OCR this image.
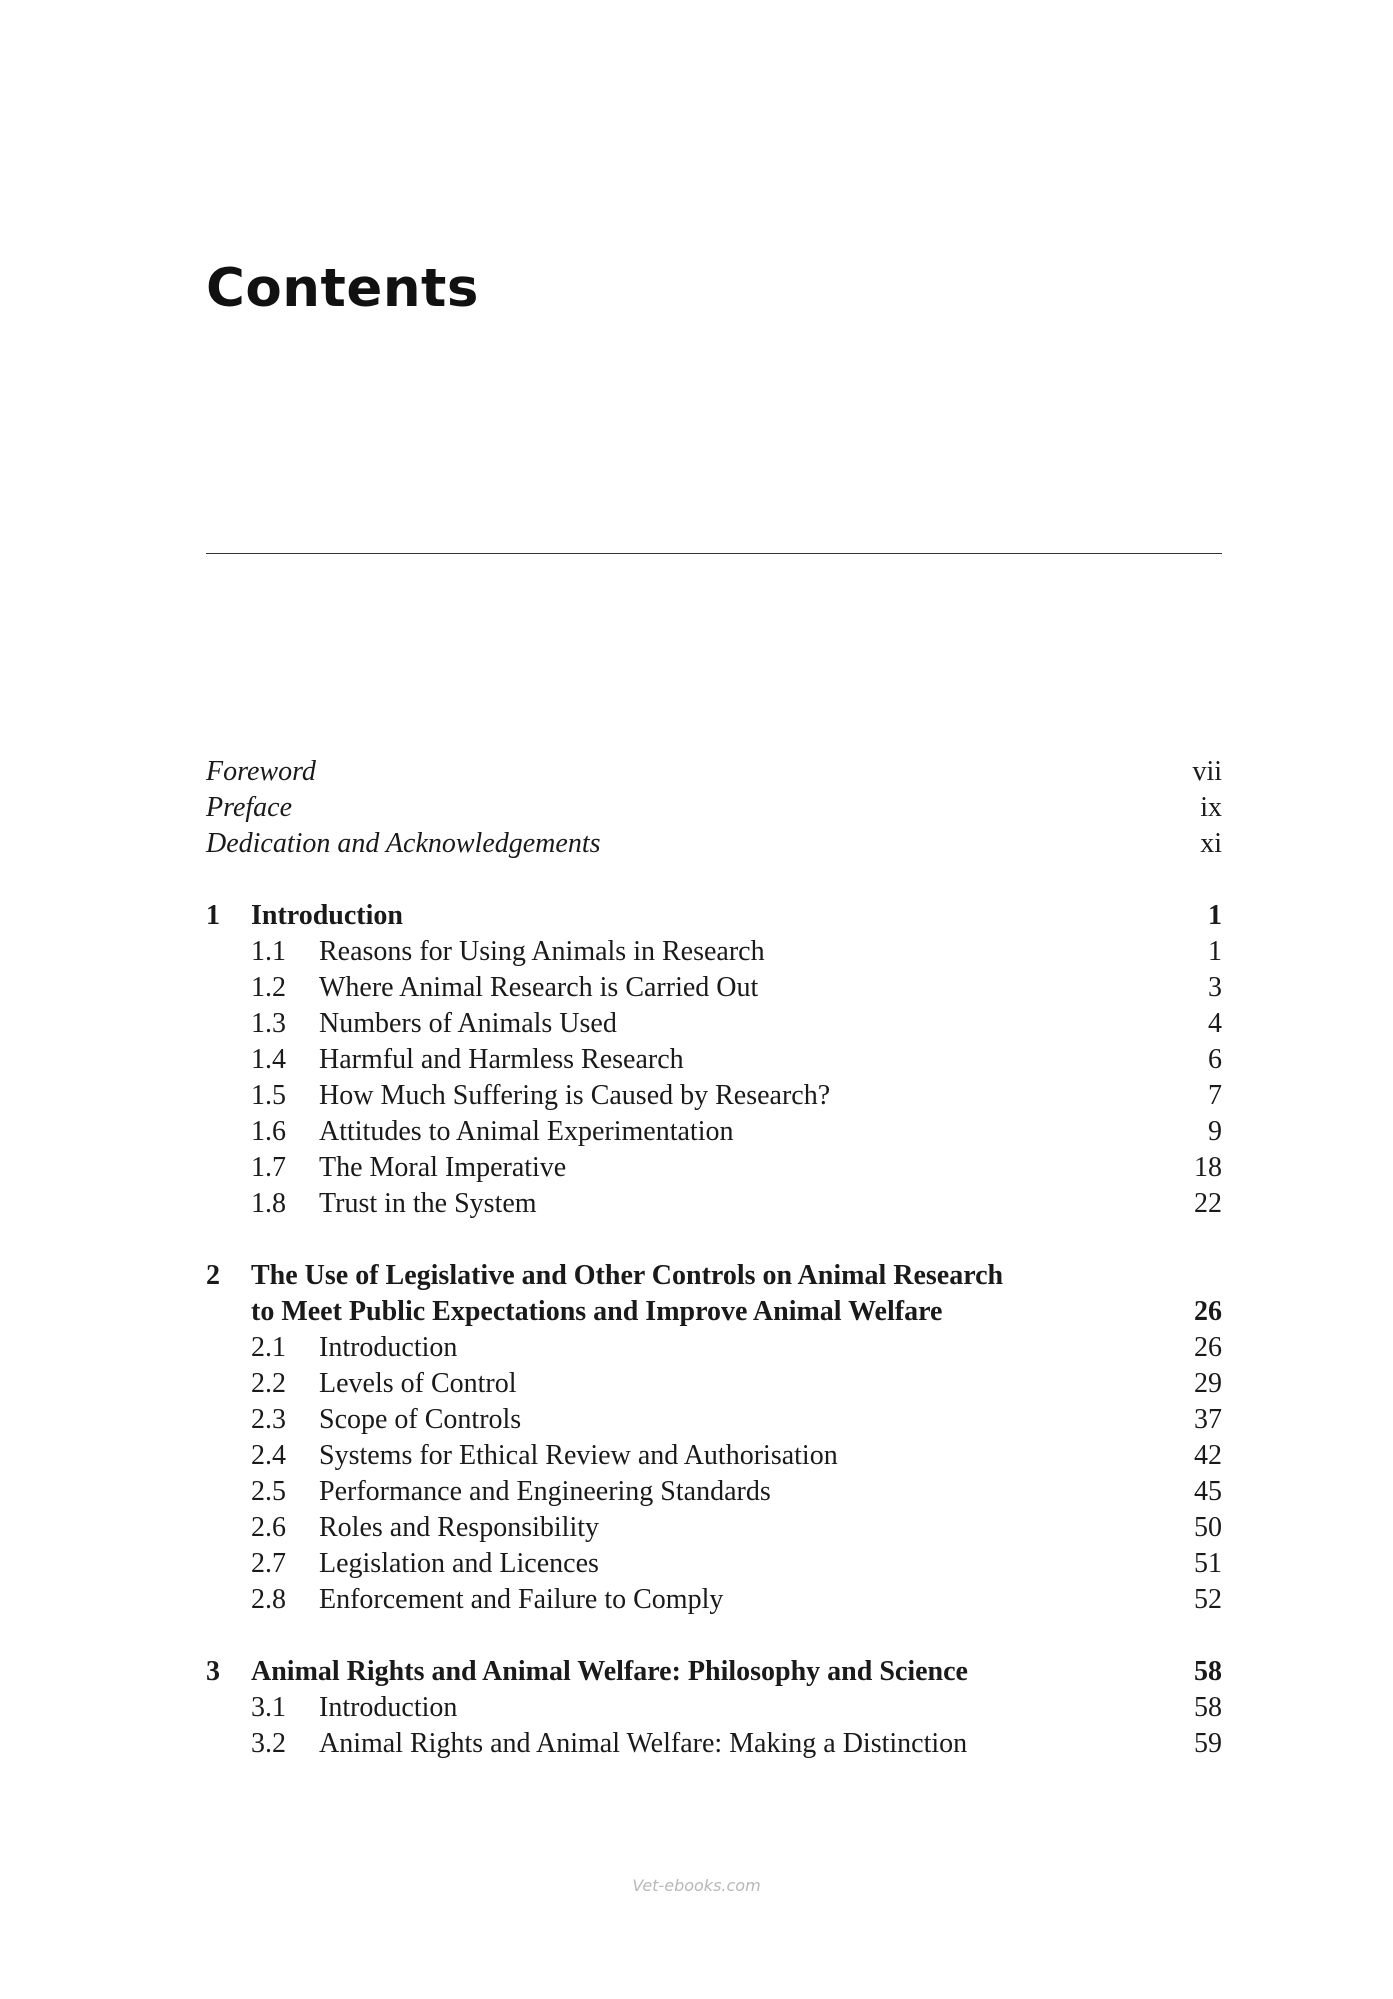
Contents
Foreword	vii
Preface	ix
Dedication and Acknowledgements	xi
1 Introduction	1
1.1 Reasons for Using Animals in Research	1
1.2 Where Animal Research is Carried Out	3
1.3 Numbers of Animals Used	4
1.4 Harmful and Harmless Research	6
1.5 How Much Suffering is Caused by Research?	7
1.6 Attitudes to Animal Experimentation	9
1.7 The Moral Imperative	18
1.8 Trust in the System	22
2 The Use of Legislative and Other Controls on Animal Research
to Meet Public Expectations and Improve Animal Welfare	26
2.1 Introduction	26
2.2 Levels of Control	29
2.3 Scope of Controls	37
2.4 Systems for Ethical Review and Authorisation	42
2.5 Performance and Engineering Standards	45
2.6 Roles and Responsibility	50
2.7 Legislation and Licences	51
2.8 Enforcement and Failure to Comply	52
3 Animal Rights and Animal Welfare: Philosophy and Science	58
3.1 Introduction	58
3.2 Animal Rights and Animal Welfare: Making a Distinction	59
Vet-ebooks.com
